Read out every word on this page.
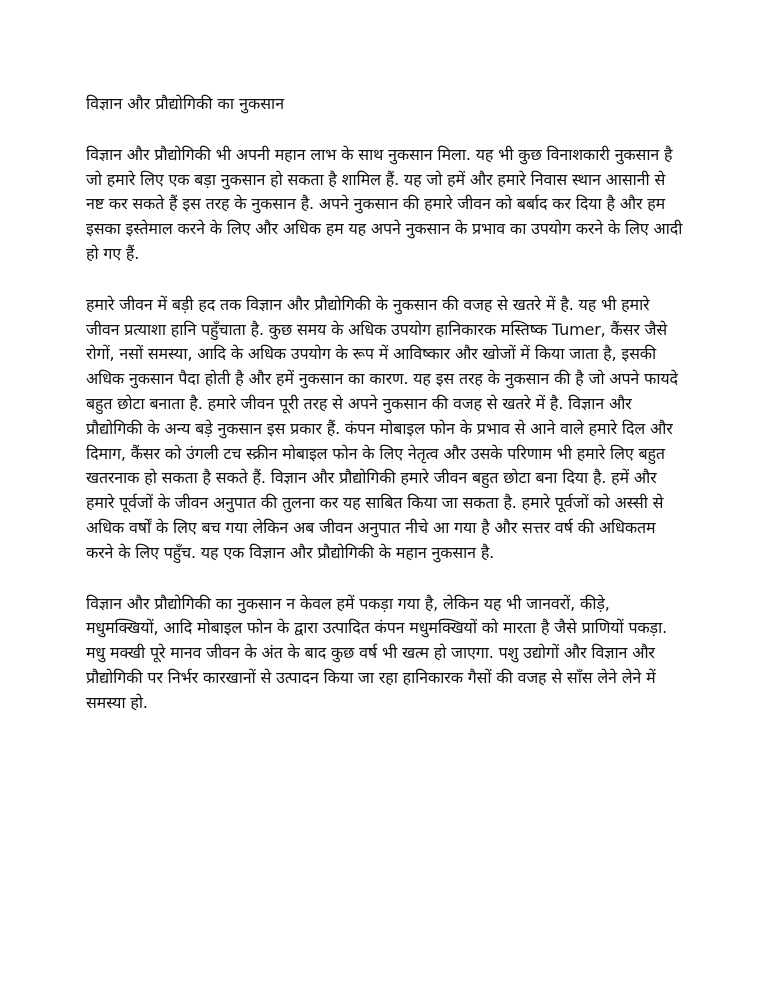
विज्ञान और प्रौद्योगिकी का नुकसान

विज्ञान और प्रौद्योगिकी भी अपनी महान लाभ के साथ नुकसान मिला. यह भी कुछ विनाशकारी नुकसान है जो हमारे लिए एक बड़ा नुकसान हो सकता है शामिल हैं. यह जो हमें और हमारे निवास स्थान आसानी से नष्ट कर सकते हैं इस तरह के नुकसान है. अपने नुकसान की हमारे जीवन को बर्बाद कर दिया है और हम इसका इस्तेमाल करने के लिए और अधिक हम यह अपने नुकसान के प्रभाव का उपयोग करने के लिए आदी हो गए हैं.

हमारे जीवन में बड़ी हद तक विज्ञान और प्रौद्योगिकी के नुकसान की वजह से खतरे में है. यह भी हमारे जीवन प्रत्याशा हानि पहुँचाता है. कुछ समय के अधिक उपयोग हानिकारक मस्तिष्क Tumer, कैंसर जैसे रोगों, नसों समस्या, आदि के अधिक उपयोग के रूप में आविष्कार और खोजों में किया जाता है, इसकी अधिक नुकसान पैदा होती है और हमें नुकसान का कारण. यह इस तरह के नुकसान की है जो अपने फायदे बहुत छोटा बनाता है. हमारे जीवन पूरी तरह से अपने नुकसान की वजह से खतरे में है. विज्ञान और प्रौद्योगिकी के अन्य बड़े नुकसान इस प्रकार हैं. कंपन मोबाइल फोन के प्रभाव से आने वाले हमारे दिल और दिमाग, कैंसर को उंगली टच स्क्रीन मोबाइल फोन के लिए नेतृत्व और उसके परिणाम भी हमारे लिए बहुत खतरनाक हो सकता है सकते हैं. विज्ञान और प्रौद्योगिकी हमारे जीवन बहुत छोटा बना दिया है. हमें और हमारे पूर्वजों के जीवन अनुपात की तुलना कर यह साबित किया जा सकता है. हमारे पूर्वजों को अस्सी से अधिक वर्षों के लिए बच गया लेकिन अब जीवन अनुपात नीचे आ गया है और सत्तर वर्ष की अधिकतम करने के लिए पहुँच. यह एक विज्ञान और प्रौद्योगिकी के महान नुकसान है.

विज्ञान और प्रौद्योगिकी का नुकसान न केवल हमें पकड़ा गया है, लेकिन यह भी जानवरों, कीड़े, मधुमक्खियों, आदि मोबाइल फोन के द्वारा उत्पादित कंपन मधुमक्खियों को मारता है जैसे प्राणियों पकड़ा. मधु मक्खी पूरे मानव जीवन के अंत के बाद कुछ वर्ष भी खत्म हो जाएगा. पशु उद्योगों और विज्ञान और प्रौद्योगिकी पर निर्भर कारखानों से उत्पादन किया जा रहा हानिकारक गैसों की वजह से साँस लेने लेने में समस्या हो.
